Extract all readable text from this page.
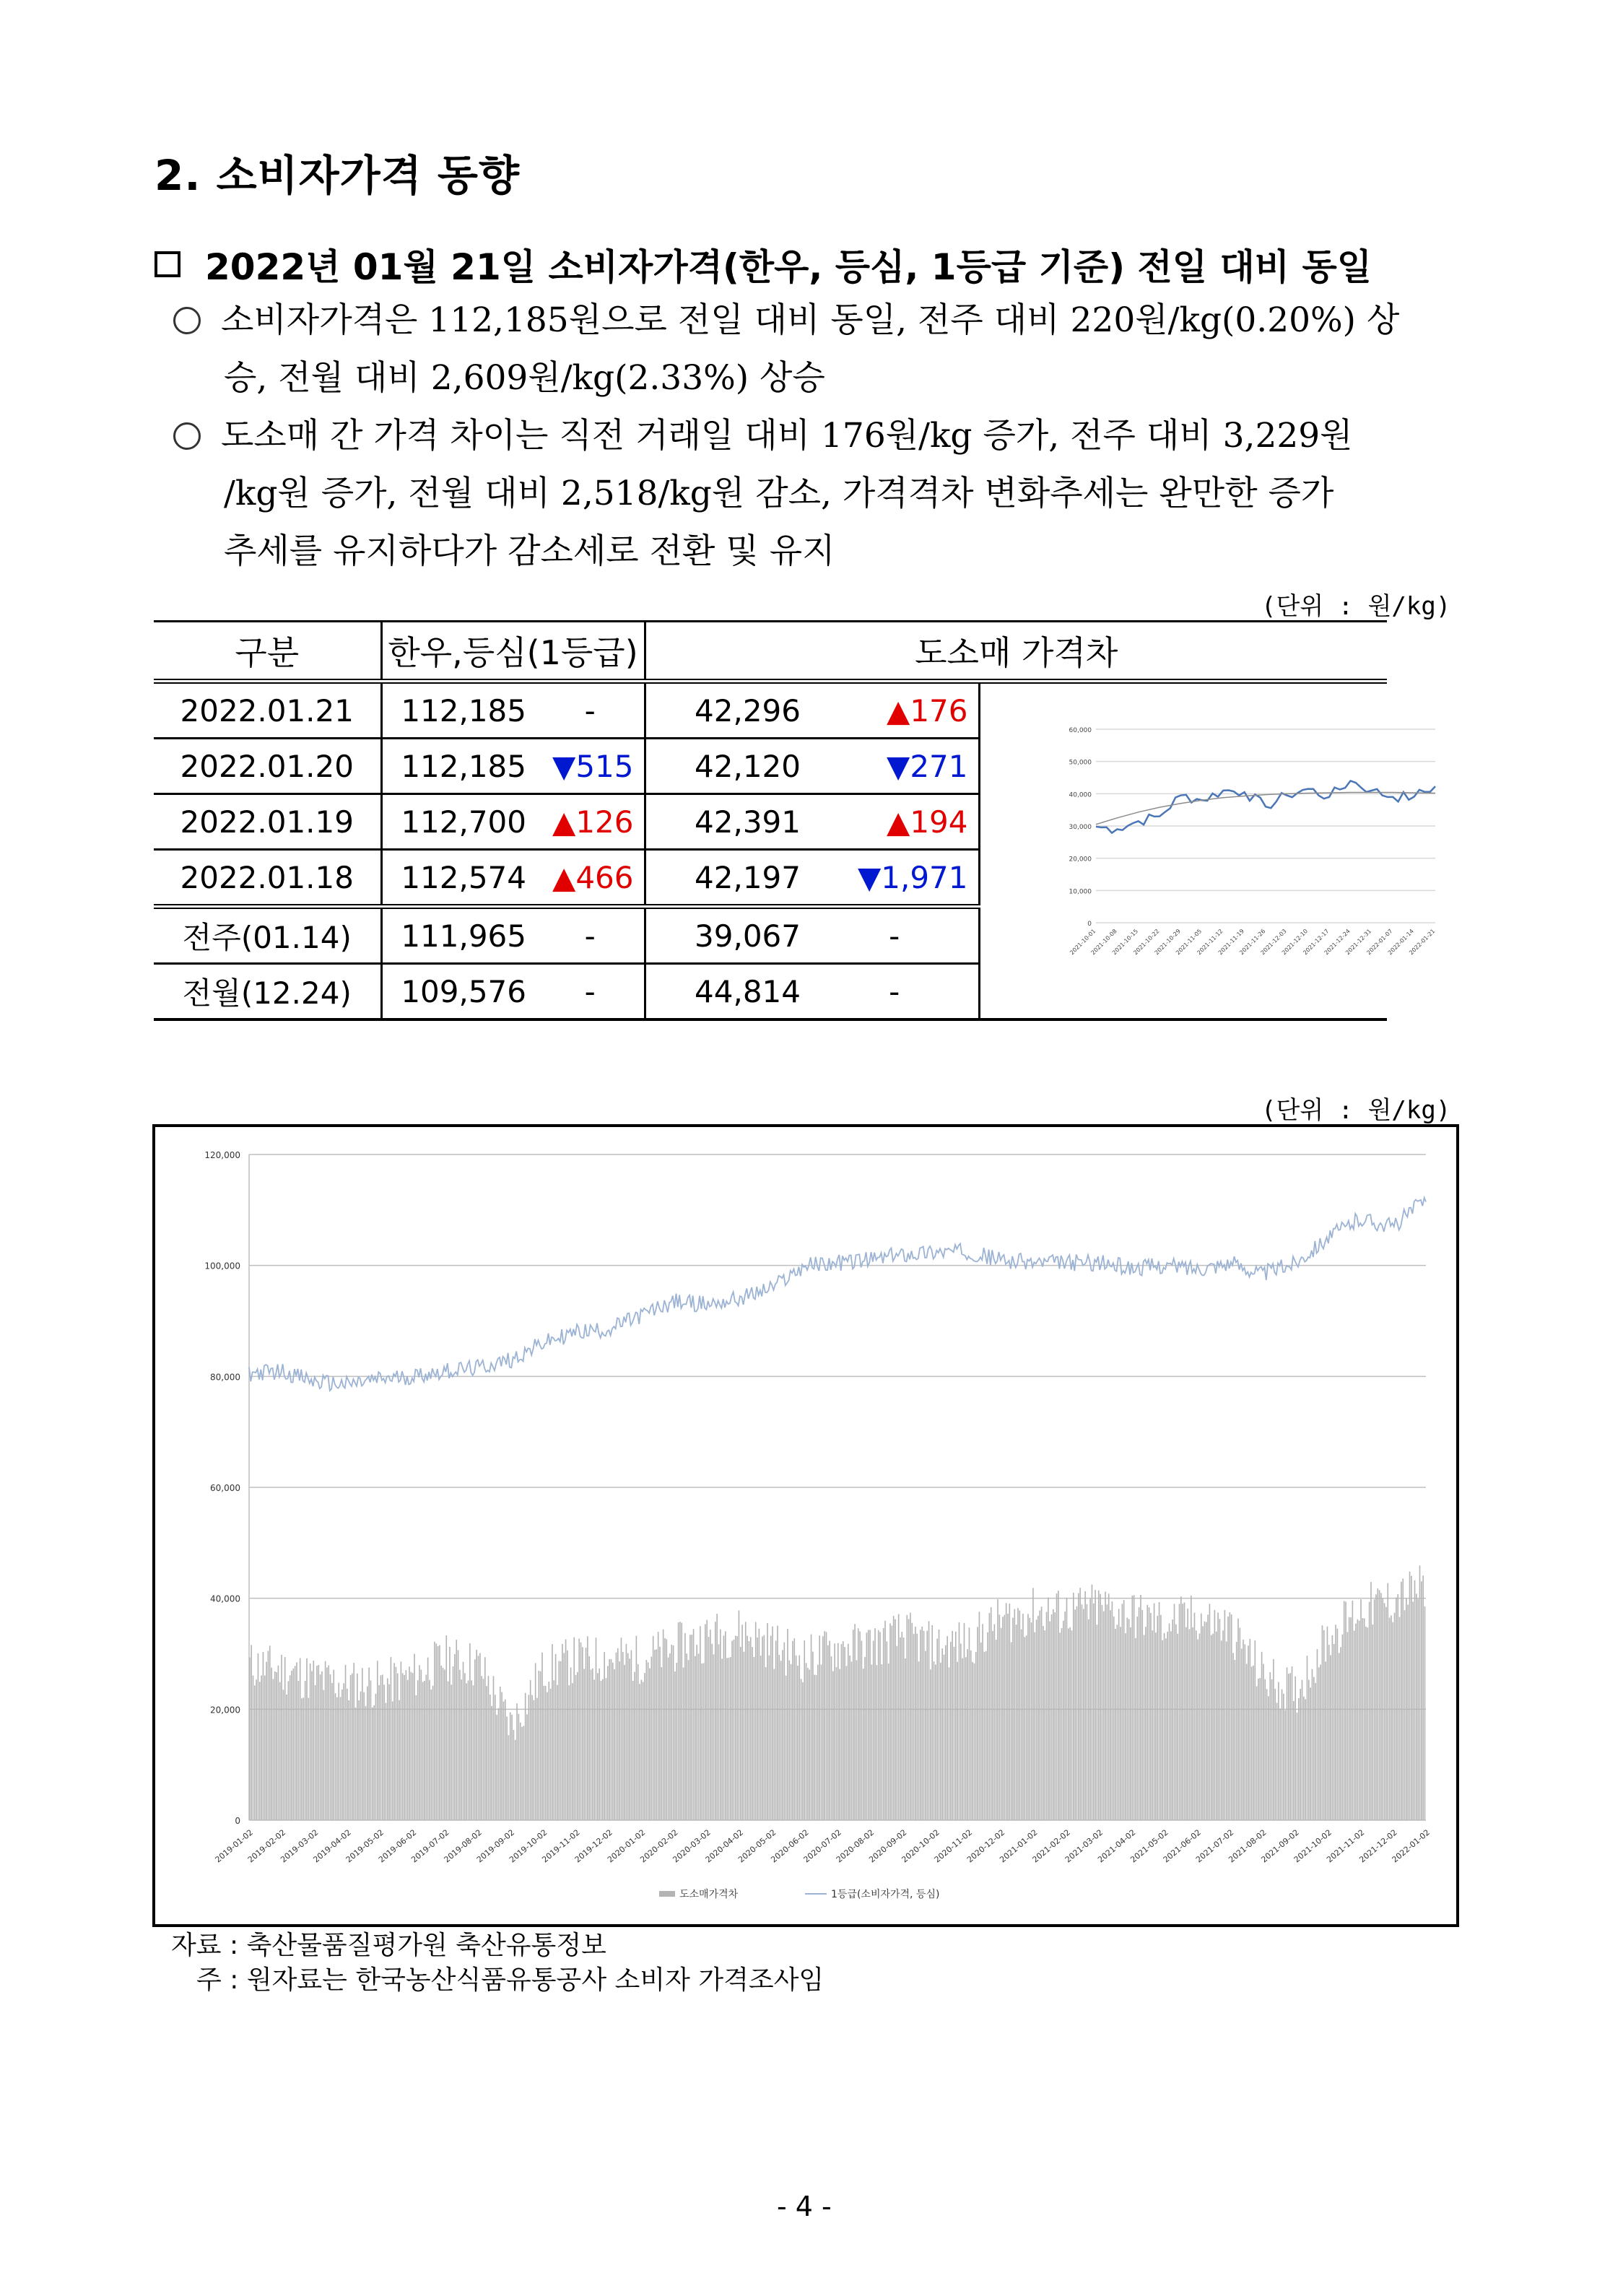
2. 소비자가격 동향
2022년 01월 21일 소비자가격(한우, 등심, 1등급 기준) 전일 대비 동일
소비자가격은 112,185원으로 전일 대비 동일, 전주 대비 220원/kg(0.20%) 상
승, 전월 대비 2,609원/kg(2.33%) 상승
도소매 간 가격 차이는 직전 거래일 대비 176원/kg 증가, 전주 대비 3,229원
/kg원 증가, 전월 대비 2,518/kg원 감소, 가격격차 변화추세는 완만한 증가
추세를 유지하다가 감소세로 전환 및 유지
(단위 : 원/kg)
구분	한우,등심(1등급)		도소매 가격차		
2022.01.21	112,185	-	42,296	▲176	
2022.01.20	112,185	▼515	42,120	▼271	
2022.01.19	112,700	▲126	42,391	▲194	
2022.01.18	112,574	▲466	42,197	▼1,971	
전주(01.14)	111,965	-	39,067	-	
전월(12.24)	109,576	-	44,814	-	
0
10,000
20,000
30,000
40,000
50,000
60,000
2021-10-01
2021-10-08
2021-10-15
2021-10-22
2021-10-29
2021-11-05
2021-11-12
2021-11-19
2021-11-26
2021-12-03
2021-12-10
2021-12-17
2021-12-24
2021-12-31
2022-01-07
2022-01-14
2022-01-21
(단위 : 원/kg)
0
20,000
40,000
60,000
80,000
100,000
120,000
2019-01-02
2019-02-02
2019-03-02
2019-04-02
2019-05-02
2019-06-02
2019-07-02
2019-08-02
2019-09-02
2019-10-02
2019-11-02
2019-12-02
2020-01-02
2020-02-02
2020-03-02
2020-04-02
2020-05-02
2020-06-02
2020-07-02
2020-08-02
2020-09-02
2020-10-02
2020-11-02
2020-12-02
2021-01-02
2021-02-02
2021-03-02
2021-04-02
2021-05-02
2021-06-02
2021-07-02
2021-08-02
2021-09-02
2021-10-02
2021-11-02
2021-12-02
2022-01-02
도소매가격차	1등급(소비자가격, 등심)
자료 : 축산물품질평가원 축산유통정보
주 : 원자료는 한국농산식품유통공사 소비자 가격조사임
- 4 -
